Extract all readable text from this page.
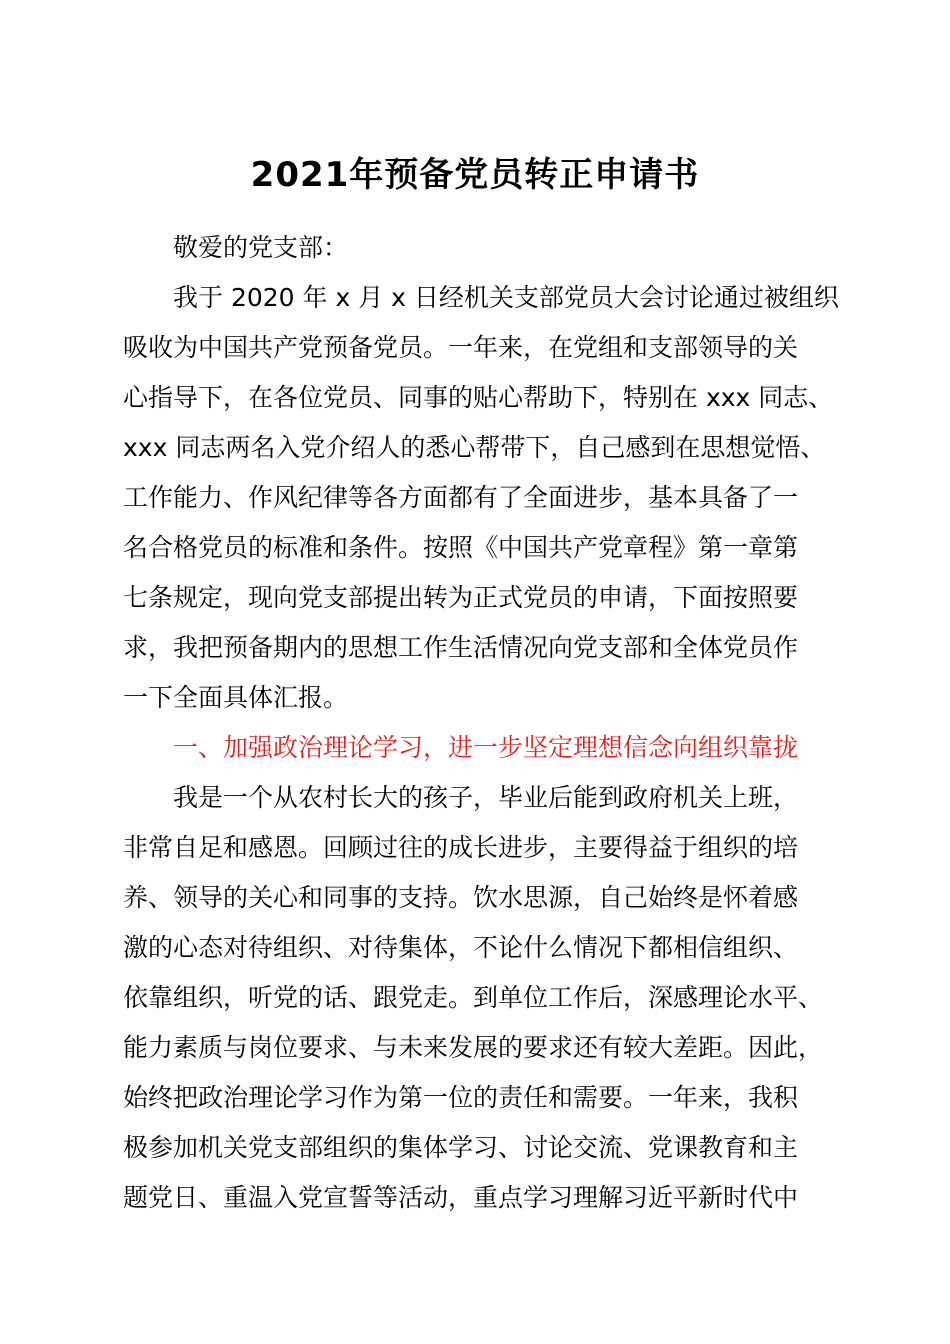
2021年预备党员转正申请书
敬爱的党支部：
我于 2020 年 x 月 x 日经机关支部党员大会讨论通过被组织
吸收为中国共产党预备党员。一年来，在党组和支部领导的关
心指导下，在各位党员、同事的贴心帮助下，特别在 xxx 同志、
xxx 同志两名入党介绍人的悉心帮带下，自己感到在思想觉悟、
工作能力、作风纪律等各方面都有了全面进步，基本具备了一
名合格党员的标准和条件。按照《中国共产党章程》第一章第
七条规定，现向党支部提出转为正式党员的申请，下面按照要
求，我把预备期内的思想工作生活情况向党支部和全体党员作
一下全面具体汇报。
一、加强政治理论学习，进一步坚定理想信念向组织靠拢
我是一个从农村长大的孩子，毕业后能到政府机关上班，
非常自足和感恩。回顾过往的成长进步，主要得益于组织的培
养、领导的关心和同事的支持。饮水思源，自己始终是怀着感
激的心态对待组织、对待集体，不论什么情况下都相信组织、
依靠组织，听党的话、跟党走。到单位工作后，深感理论水平、
能力素质与岗位要求、与未来发展的要求还有较大差距。因此，
始终把政治理论学习作为第一位的责任和需要。一年来，我积
极参加机关党支部组织的集体学习、讨论交流、党课教育和主
题党日、重温入党宣誓等活动，重点学习理解习近平新时代中
